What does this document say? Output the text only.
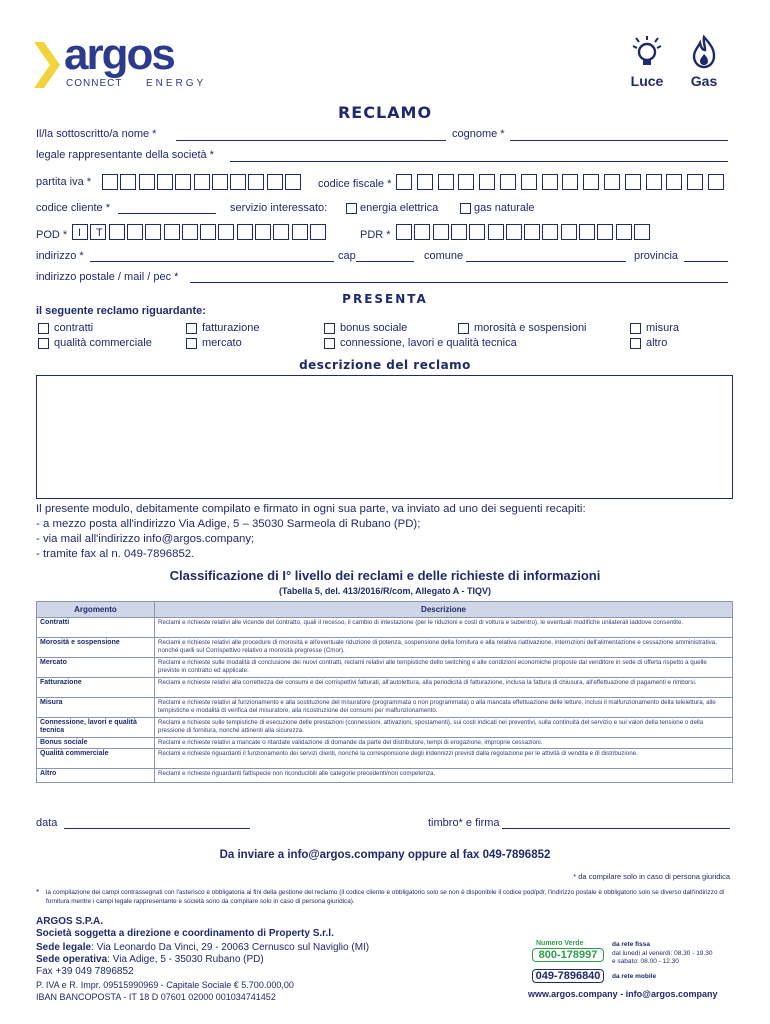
argos
CONNECT ENERGY	Luce	Gas
RECLAMO
Il/la sottoscritto/a nome *	cognome *
legale rappresentante della società *
partita iva *	codice fiscale *
codice cliente *	servizio interessato:	energia elettrica	gas naturale
POD * I T	PDR *
indirizzo *	cap	comune	provincia
indirizzo postale / mail / pec *
PRESENTA
il seguente reclamo riguardante:
contratti
qualità commerciale
fatturazione
mercato
bonus sociale
connessione, lavori e qualità tecnica
morosità e sospensioni	misura
altro
descrizione del reclamo
Il presente modulo, debitamente compilato e firmato in ogni sua parte, va inviato ad uno dei seguenti recapiti:
- a mezzo posta all'indirizzo Via Adige, 5 – 35030 Sarmeola di Rubano (PD);
- via mail all'indirizzo info@argos.company;
- tramite fax al n. 049-7896852.
Classificazione di I° livello dei reclami e delle richieste di informazioni
(Tabella 5, del. 413/2016/R/com, Allegato A - TIQV)
Argomento	Descrizione
Contratti	Reclami e richieste relativi alle vicende del contratto, quali il recesso, il cambio di intestazione (per le riduzioni e costi di voltura e subentro), le eventuali modifiche unilaterali laddove consentite.
Morosità e sospensione	Reclami e richieste relativi alle procedure di morosità e all'eventuale riduzione di potenza, sospensione della fornitura e alla relativa riattivazione, interruzioni dell'alimentazione e cessazione amministrativa, nonché quelli sul Corrispettivo relativo a morosità pregresse (Cmor).
Mercato	Reclami e richieste sulle modalità di conclusione dei nuovi contratti, reclami relativi alle tempistiche dello switching e alle condizioni economiche proposte dal venditore in sede di offerta rispetto a quelle previste in contratto ed applicate.
Fatturazione	Reclami e richieste relativi alla correttezza dei consumi e dei corrispettivi fatturati, all'autolettura, alla periodicità di fatturazione, inclusa la fattura di chiusura, all'effettuazione di pagamenti e rimborsi.
Misura	Reclami e richieste relativi al funzionamento e alla sostituzione del misuratore (programmata o non programmata) o alla mancata effettuazione delle letture, inclusi il malfunzionamento della telelettura, alle tempistiche e modalità di verifica del misuratore, alla ricostruzione dei consumi per malfunzionamento.
Connessione, lavori e qualità tecnica	Reclami e richieste sulle tempistiche di esecuzione delle prestazioni (connessioni, attivazioni, spostamenti), sui costi indicati nei preventivi, sulla continuità del servizio e sui valori della tensione o della pressione di fornitura, nonché attinenti alla sicurezza.
Bonus sociale	Reclami e richieste relativi a mancate o ritardate validazione di domande da parte del distributore, tempi di erogazione, improprie cessazioni.
Qualità commerciale	Reclami e richieste riguardanti il funzionamento dei servizi clienti, nonché la corresponsione degli indennizzi previsti dalla regolazione per le attività di vendita e di distribuzione.
Altro	Reclami e richieste riguardanti fattispecie non riconducibili alle categorie precedenti/non competenza.
data	timbro* e firma
Da inviare a info@argos.company oppure al fax 049-7896852
* da compilare solo in caso di persona giuridica
* la compilazione dei campi contrassegnati con l'asterisco è obbligatoria ai fini della gestione del reclamo (il codice cliente è obbligatorio solo se non è disponibile il codice pod/pdr, l'indirizzo postale è obbligatorio solo se diverso dall'indirizzo di fornitura mentre i campi legale rappresentante e società sono da compilare solo in caso di persona giuridica).
ARGOS S.P.A.
Società soggetta a direzione e coordinamento di Property S.r.l.
Sede legale: Via Leonardo Da Vinci, 29 - 20063 Cernusco sul Naviglio (MI)
Sede operativa: Via Adige, 5 - 35030 Rubano (PD)
Fax +39 049 7896852
P. IVA e R. Impr. 09515990969 - Capitale Sociale € 5.700.000,00
IBAN BANCOPOSTA - IT 18 D 07601 02000 001034741452
Numero Verde
800-178997
da rete fissa
dal lunedì al venerdì: 08.30 - 19.30
e sabato: 08.00 - 12.30
049-7896840	da rete mobile
www.argos.company - info@argos.company
